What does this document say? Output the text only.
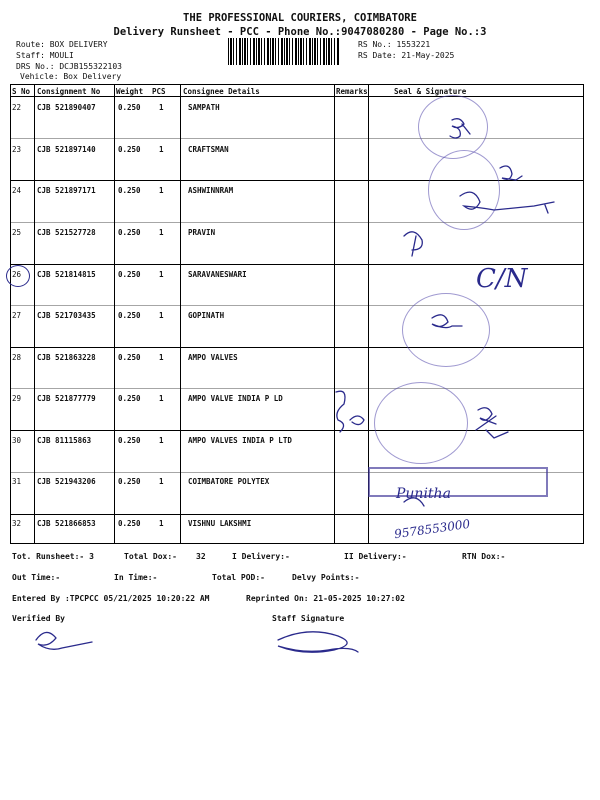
THE PROFESSIONAL COURIERS, COIMBATORE
Delivery Runsheet - PCC - Phone No.:9047080280 - Page No.:3
Route: BOX DELIVERY
Staff: MOULI
DRS No.: DCJB155322103
Vehicle: Box Delivery
RS No.: 1553221
RS Date: 21-May-2025
S No Consignment No Weight PCS Consignee Details	Remarks	Seal & Signature
22 CJB 521890407	0.250 1	SAMPATH
23 CJB 521897140	0.250 1	CRAFTSMAN
24 CJB 521897171	0.250 1	ASHWINNRAM
25 CJB 521527728	0.250 1	PRAVIN
26 CJB 521814815	0.250 1	SARAVANESWARI
27 CJB 521703435	0.250 1	GOPINATH
28 CJB 521863228	0.250 1	AMPO VALVES
29 CJB 521877779	0.250 1	AMPO VALVE INDIA P LD
30 CJB 81115863	0.250 1	AMPO VALVES INDIA P LTD
31 CJB 521943206	0.250 1	COIMBATORE POLYTEX
32 CJB 521866853	0.250 1	VISHNU LAKSHMI
C/N
Punitha
9578553000
Tot. Runsheet:- 3	Total Dox:- 32	I Delivery:-	II Delivery:-	RTN Dox:-
Out Time:-	In Time:-	Total POD:-	Delvy Points:-
Entered By :TPCPCC 05/21/2025 10:20:22 AM	Reprinted On: 21-05-2025 10:27:02
Verified By	Staff Signature
